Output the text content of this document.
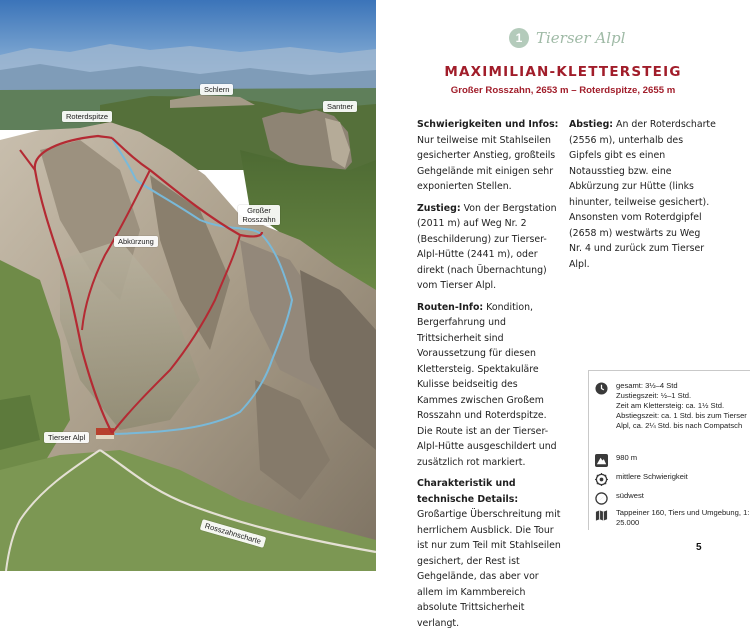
Schlern
Santner
Roterdspitze
Großer Rosszahn
Abkürzung
Tierser Alpl
Rosszahnscharte
1 Tierser Alpl
MAXIMILIAN-KLETTERSTEIG
Großer Rosszahn, 2653 m – Roterdspitze, 2655 m

Schwierigkeiten und Infos: Nur teilweise mit Stahlseilen gesicherter Anstieg, großteils Gehgelände mit einigen sehr exponierten Stellen.

Zustieg: Von der Bergstation (2011 m) auf Weg Nr. 2 (Beschilderung) zur Tierser-Alpl-Hütte (2441 m), oder direkt (nach Übernachtung) vom Tierser Alpl.

Routen-Info: Kondition, Bergerfahrung und Trittsicherheit sind Voraussetzung für diesen Klettersteig. Spektakuläre Kulisse beidseitig des Kammes zwischen Großem Rosszahn und Roterdspitze. Die Route ist an der Tierser-Alpl-Hütte ausgeschildert und zusätzlich rot markiert.

Charakteristik und technische Details: Großartige Überschreitung mit herrlichem Ausblick. Die Tour ist nur zum Teil mit Stahlseilen gesichert, der Rest ist Gehgelände, das aber vor allem im Kammbereich absolute Trittsicherheit verlangt.

Abstieg: An der Roterdscharte (2556 m), unterhalb des Gipfels gibt es einen Notausstieg bzw. eine Abkürzung zur Hütte (links hinunter, teilweise gesichert). Ansonsten vom Roterdgipfel (2658 m) westwärts zu Weg Nr. 4 und zurück zum Tierser Alpl.

gesamt: 3½–4 Std
Zustiegszeit: ½–1 Std.
Zeit am Klettersteig: ca. 1½ Std.
Abstiegszeit: ca. 1 Std. bis zum Tierser Alpl, ca. 2¼ Std. bis nach Compatsch
980 m
mittlere Schwierigkeit
südwest
Tappeiner 160, Tiers und Umgebung, 1: 25.000
5
